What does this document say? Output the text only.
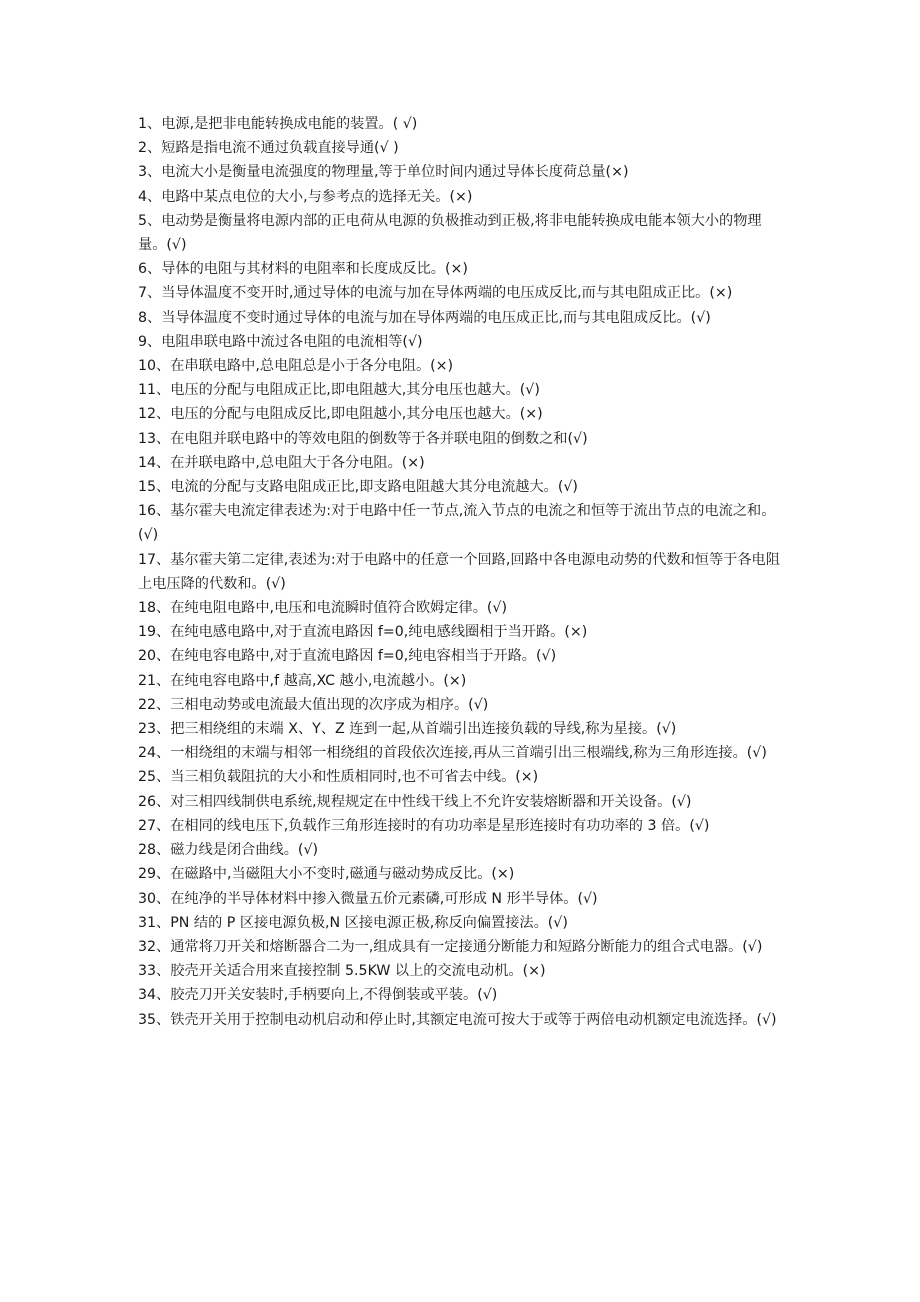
1、电源,是把非电能转换成电能的装置。( √)

2、短路是指电流不通过负载直接导通(√ )

3、电流大小是衡量电流强度的物理量,等于单位时间内通过导体长度荷总量(×)

4、电路中某点电位的大小,与参考点的选择无关。(×)

5、电动势是衡量将电源内部的正电荷从电源的负极推动到正极,将非电能转换成电能本领大小的物理量。(√)

6、导体的电阻与其材料的电阻率和长度成反比。(×)

7、当导体温度不变开时,通过导体的电流与加在导体两端的电压成反比,而与其电阻成正比。(×)

8、当导体温度不变时通过导体的电流与加在导体两端的电压成正比,而与其电阻成反比。(√)

9、电阻串联电路中流过各电阻的电流相等(√)

10、在串联电路中,总电阻总是小于各分电阻。(×)

11、电压的分配与电阻成正比,即电阻越大,其分电压也越大。(√)

12、电压的分配与电阻成反比,即电阻越小,其分电压也越大。(×)

13、在电阻并联电路中的等效电阻的倒数等于各并联电阻的倒数之和(√)

14、在并联电路中,总电阻大于各分电阻。(×)

15、电流的分配与支路电阻成正比,即支路电阻越大其分电流越大。(√)

16、基尔霍夫电流定律表述为:对于电路中任一节点,流入节点的电流之和恒等于流出节点的电流之和。(√)

17、基尔霍夫第二定律,表述为:对于电路中的任意一个回路,回路中各电源电动势的代数和恒等于各电阻上电压降的代数和。(√)

18、在纯电阻电路中,电压和电流瞬时值符合欧姆定律。(√)

19、在纯电感电路中,对于直流电路因 f=0,纯电感线圈相于当开路。(×)

20、在纯电容电路中,对于直流电路因 f=0,纯电容相当于开路。(√)

21、在纯电容电路中,f 越高,XC 越小,电流越小。(×)

22、三相电动势或电流最大值出现的次序成为相序。(√)

23、把三相绕组的末端 X、Y、Z 连到一起,从首端引出连接负载的导线,称为星接。(√)

24、一相绕组的末端与相邻一相绕组的首段依次连接,再从三首端引出三根端线,称为三角形连接。(√)

25、当三相负载阻抗的大小和性质相同时,也不可省去中线。(×)

26、对三相四线制供电系统,规程规定在中性线干线上不允许安装熔断器和开关设备。(√)

27、在相同的线电压下,负载作三角形连接时的有功功率是星形连接时有功功率的 3 倍。(√)

28、磁力线是闭合曲线。(√)

29、在磁路中,当磁阻大小不变时,磁通与磁动势成反比。(×)

30、在纯净的半导体材料中掺入微量五价元素磷,可形成 N 形半导体。(√)

31、PN 结的 P 区接电源负极,N 区接电源正极,称反向偏置接法。(√)

32、通常将刀开关和熔断器合二为一,组成具有一定接通分断能力和短路分断能力的组合式电器。(√)

33、胶壳开关适合用来直接控制 5.5KW 以上的交流电动机。(×)

34、胶壳刀开关安装时,手柄要向上,不得倒装或平装。(√)

35、铁壳开关用于控制电动机启动和停止时,其额定电流可按大于或等于两倍电动机额定电流选择。(√)
